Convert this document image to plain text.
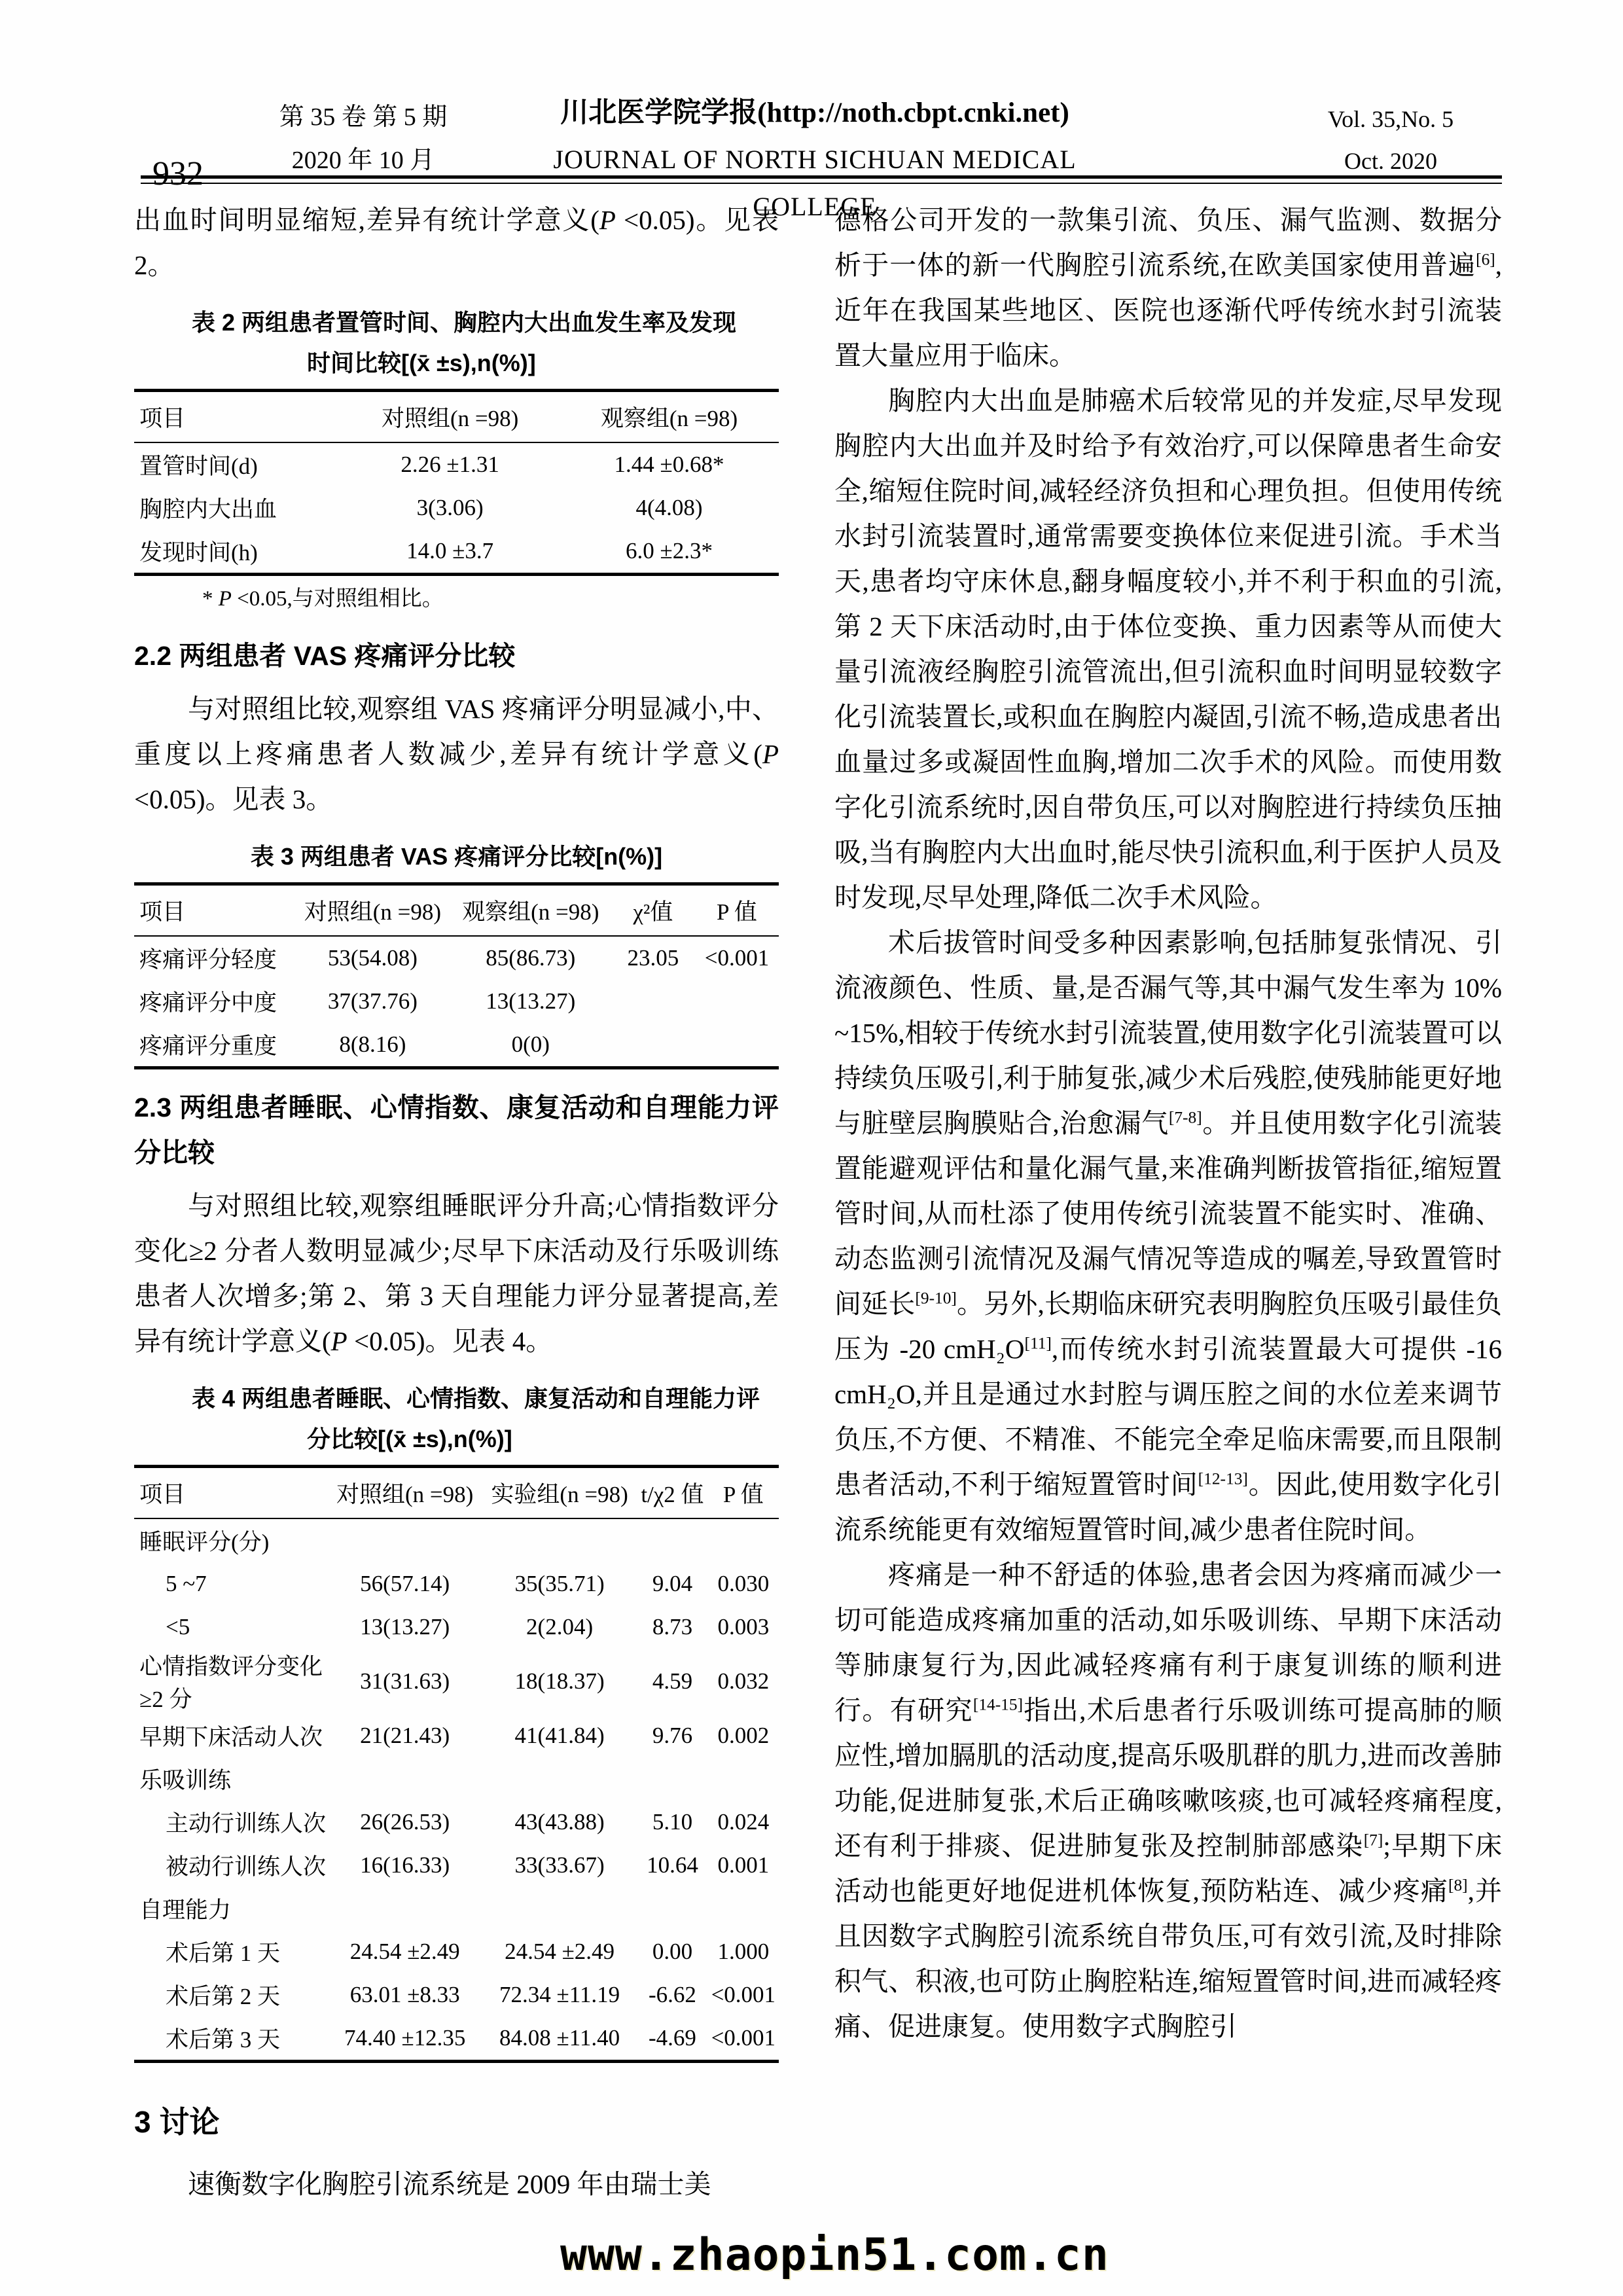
第 35 卷 第 5 期
2020 年 10 月
川北医学院学报(http://noth.cbpt.cnki.net)
JOURNAL OF NORTH SICHUAN MEDICAL COLLEGE
Vol. 35,No. 5
Oct. 2020
932

出血时间明显缩短,差异有统计学意义(P <0.05)。见表 2。

表 2 两组患者置管时间、胸腔内大出血发生率及发现
时间比较[(x̄ ±s),n(%)]
项目	对照组(n =98)	观察组(n =98)
置管时间(d)	2.26 ±1.31	1.44 ±0.68*
胸腔内大出血	3(3.06)	4(4.08)
发现时间(h)	14.0 ±3.7	6.0 ±2.3*

* P <0.05,与对照组相比。

2.2 两组患者 VAS 疼痛评分比较

与对照组比较,观察组 VAS 疼痛评分明显减小,中、重度以上疼痛患者人数减少,差异有统计学意义(P <0.05)。见表 3。

表 3 两组患者 VAS 疼痛评分比较[n(%)]
项目	对照组(n =98)	观察组(n =98)	χ²值	P 值
疼痛评分轻度	53(54.08)	85(86.73)	23.05	<0.001
疼痛评分中度	37(37.76)	13(13.27)		
疼痛评分重度	8(8.16)	0(0)		
2.3 两组患者睡眠、心情指数、康复活动和自理能力评分比较

与对照组比较,观察组睡眠评分升高;心情指数评分变化≥2 分者人数明显减少;尽早下床活动及行乐吸训练患者人次增多;第 2、第 3 天自理能力评分显著提高,差异有统计学意义(P <0.05)。见表 4。

表 4 两组患者睡眠、心情指数、康复活动和自理能力评
分比较[(x̄ ±s),n(%)]
项目	对照组(n =98)	实验组(n =98)	t/χ2 值	P 值
睡眠评分(分)				
5 ~7	56(57.14)	35(35.71)	9.04	0.030
<5	13(13.27)	2(2.04)	8.73	0.003
心情指数评分变化≥2 分	31(31.63)	18(18.37)	4.59	0.032
早期下床活动人次	21(21.43)	41(41.84)	9.76	0.002
乐吸训练				
主动行训练人次	26(26.53)	43(43.88)	5.10	0.024
被动行训练人次	16(16.33)	33(33.67)	10.64	0.001
自理能力				
术后第 1 天	24.54 ±2.49	24.54 ±2.49	0.00	1.000
术后第 2 天	63.01 ±8.33	72.34 ±11.19	-6.62	<0.001
术后第 3 天	74.40 ±12.35	84.08 ±11.40	-4.69	<0.001
3 讨论

速衡数字化胸腔引流系统是 2009 年由瑞士美

德格公司开发的一款集引流、负压、漏气监测、数据分析于一体的新一代胸腔引流系统,在欧美国家使用普遍[6],近年在我国某些地区、医院也逐渐代呼传统水封引流装置大量应用于临床。

胸腔内大出血是肺癌术后较常见的并发症,尽早发现胸腔内大出血并及时给予有效治疗,可以保障患者生命安全,缩短住院时间,减轻经济负担和心理负担。但使用传统水封引流装置时,通常需要变换体位来促进引流。手术当天,患者均守床休息,翻身幅度较小,并不利于积血的引流,第 2 天下床活动时,由于体位变换、重力因素等从而使大量引流液经胸腔引流管流出,但引流积血时间明显较数字化引流装置长,或积血在胸腔内凝固,引流不畅,造成患者出血量过多或凝固性血胸,增加二次手术的风险。而使用数字化引流系统时,因自带负压,可以对胸腔进行持续负压抽吸,当有胸腔内大出血时,能尽快引流积血,利于医护人员及时发现,尽早处理,降低二次手术风险。

术后拔管时间受多种因素影响,包括肺复张情况、引流液颜色、性质、量,是否漏气等,其中漏气发生率为 10% ~15%,相较于传统水封引流装置,使用数字化引流装置可以持续负压吸引,利于肺复张,减少术后残腔,使残肺能更好地与脏壁层胸膜贴合,治愈漏气[7-8]。并且使用数字化引流装置能避观评估和量化漏气量,来准确判断拔管指征,缩短置管时间,从而杜添了使用传统引流装置不能实时、准确、动态监测引流情况及漏气情况等造成的嘱差,导致置管时间延长[9-10]。另外,长期临床研究表明胸腔负压吸引最佳负压为 -20 cmH₂O[11],而传统水封引流装置最大可提供 -16 cmH₂O,并且是通过水封腔与调压腔之间的水位差来调节负压,不方便、不精准、不能完全牵足临床需要,而且限制患者活动,不利于缩短置管时间[12-13]。因此,使用数字化引流系统能更有效缩短置管时间,减少患者住院时间。

疼痛是一种不舒适的体验,患者会因为疼痛而减少一切可能造成疼痛加重的活动,如乐吸训练、早期下床活动等肺康复行为,因此减轻疼痛有利于康复训练的顺利进行。有研究[14-15]指出,术后患者行乐吸训练可提高肺的顺应性,增加膈肌的活动度,提高乐吸肌群的肌力,进而改善肺功能,促进肺复张,术后正确咳嗽咳痰,也可减轻疼痛程度,还有利于排痰、促进肺复张及控制肺部感染[7];早期下床活动也能更好地促进机体恢复,预防粘连、减少疼痛[8],并且因数字式胸腔引流系统自带负压,可有效引流,及时排除积气、积液,也可防止胸腔粘连,缩短置管时间,进而减轻疼痛、促进康复。使用数字式胸腔引

www.zhaopin51.com.cn
